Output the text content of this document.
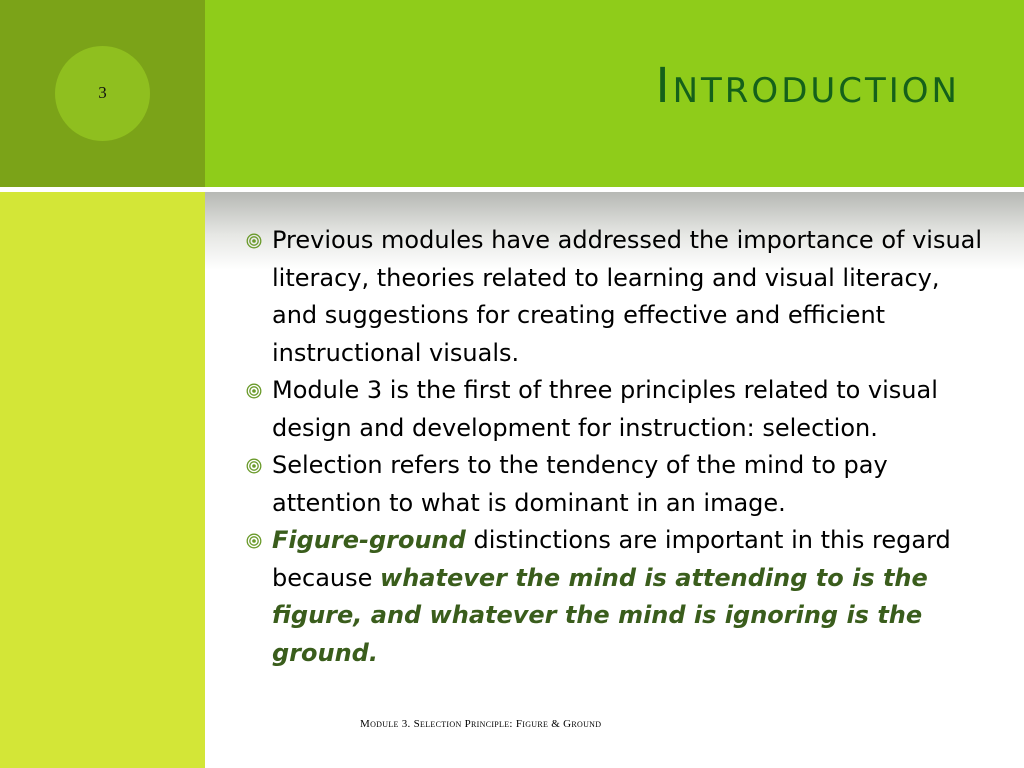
3	Introduction
Previous modules have addressed the importance of visual literacy, theories related to learning and visual literacy, and suggestions for creating effective and efficient instructional visuals.
Module 3 is the first of three principles related to visual design and development for instruction: selection.
Selection refers to the tendency of the mind to pay attention to what is dominant in an image.
Figure-ground distinctions are important in this regard because whatever the mind is attending to is the figure, and whatever the mind is ignoring is the ground.
Module 3. Selection Principle: Figure & Ground
